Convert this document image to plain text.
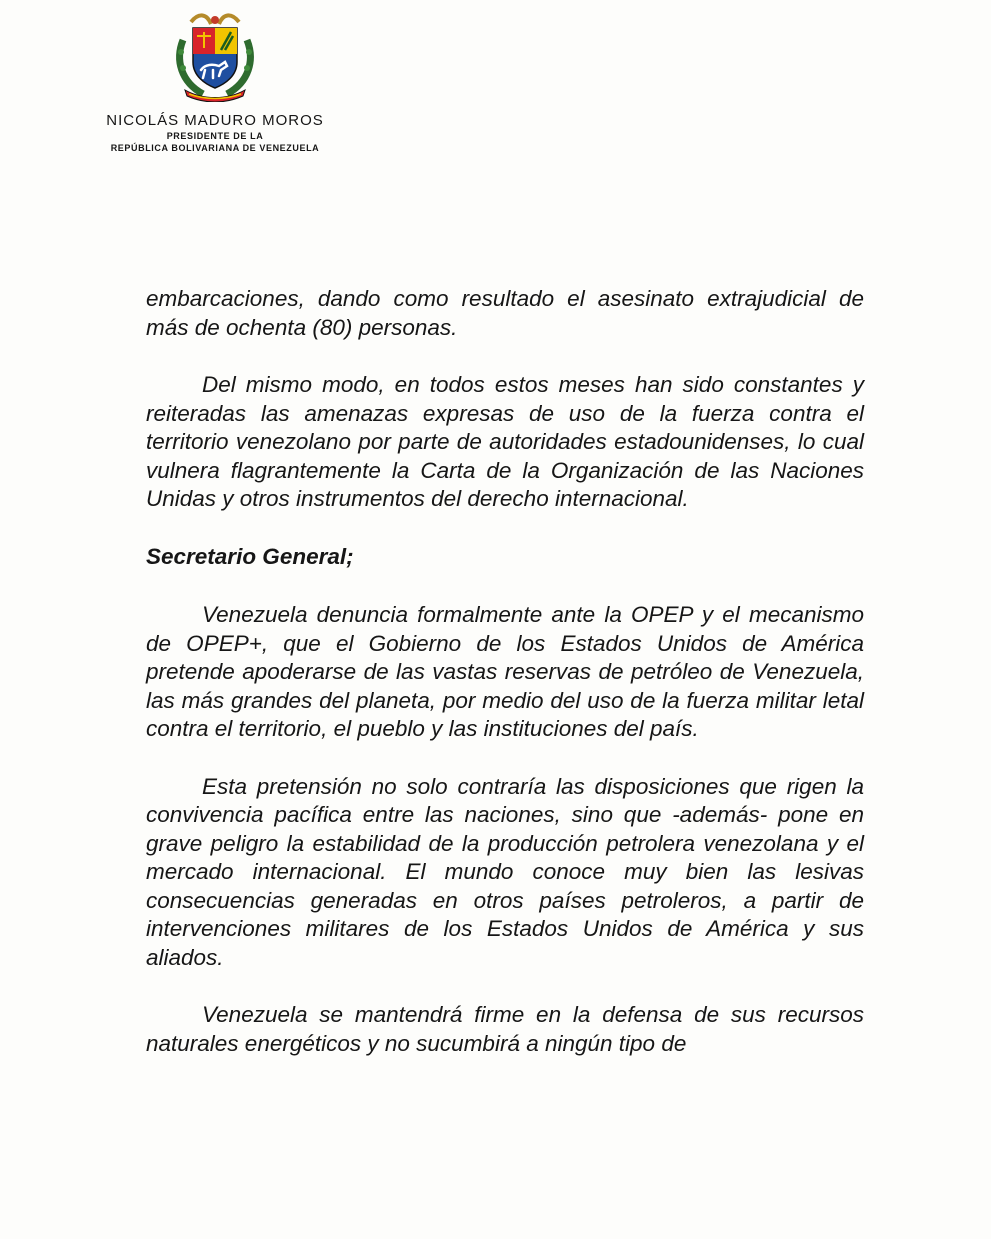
NICOLÁS MADURO MOROS
PRESIDENTE DE LA
REPÚBLICA BOLIVARIANA DE VENEZUELA

embarcaciones, dando como resultado el asesinato extrajudicial de más de ochenta (80) personas.

Del mismo modo, en todos estos meses han sido constantes y reiteradas las amenazas expresas de uso de la fuerza contra el territorio venezolano por parte de autoridades estadounidenses, lo cual vulnera flagrantemente la Carta de la Organización de las Naciones Unidas y otros instrumentos del derecho internacional.

Secretario General;

Venezuela denuncia formalmente ante la OPEP y el mecanismo de OPEP+, que el Gobierno de los Estados Unidos de América pretende apoderarse de las vastas reservas de petróleo de Venezuela, las más grandes del planeta, por medio del uso de la fuerza militar letal contra el territorio, el pueblo y las instituciones del país.

Esta pretensión no solo contraría las disposiciones que rigen la convivencia pacífica entre las naciones, sino que -además- pone en grave peligro la estabilidad de la producción petrolera venezolana y el mercado internacional. El mundo conoce muy bien las lesivas consecuencias generadas en otros países petroleros, a partir de intervenciones militares de los Estados Unidos de América y sus aliados.

Venezuela se mantendrá firme en la defensa de sus recursos naturales energéticos y no sucumbirá a ningún tipo de
